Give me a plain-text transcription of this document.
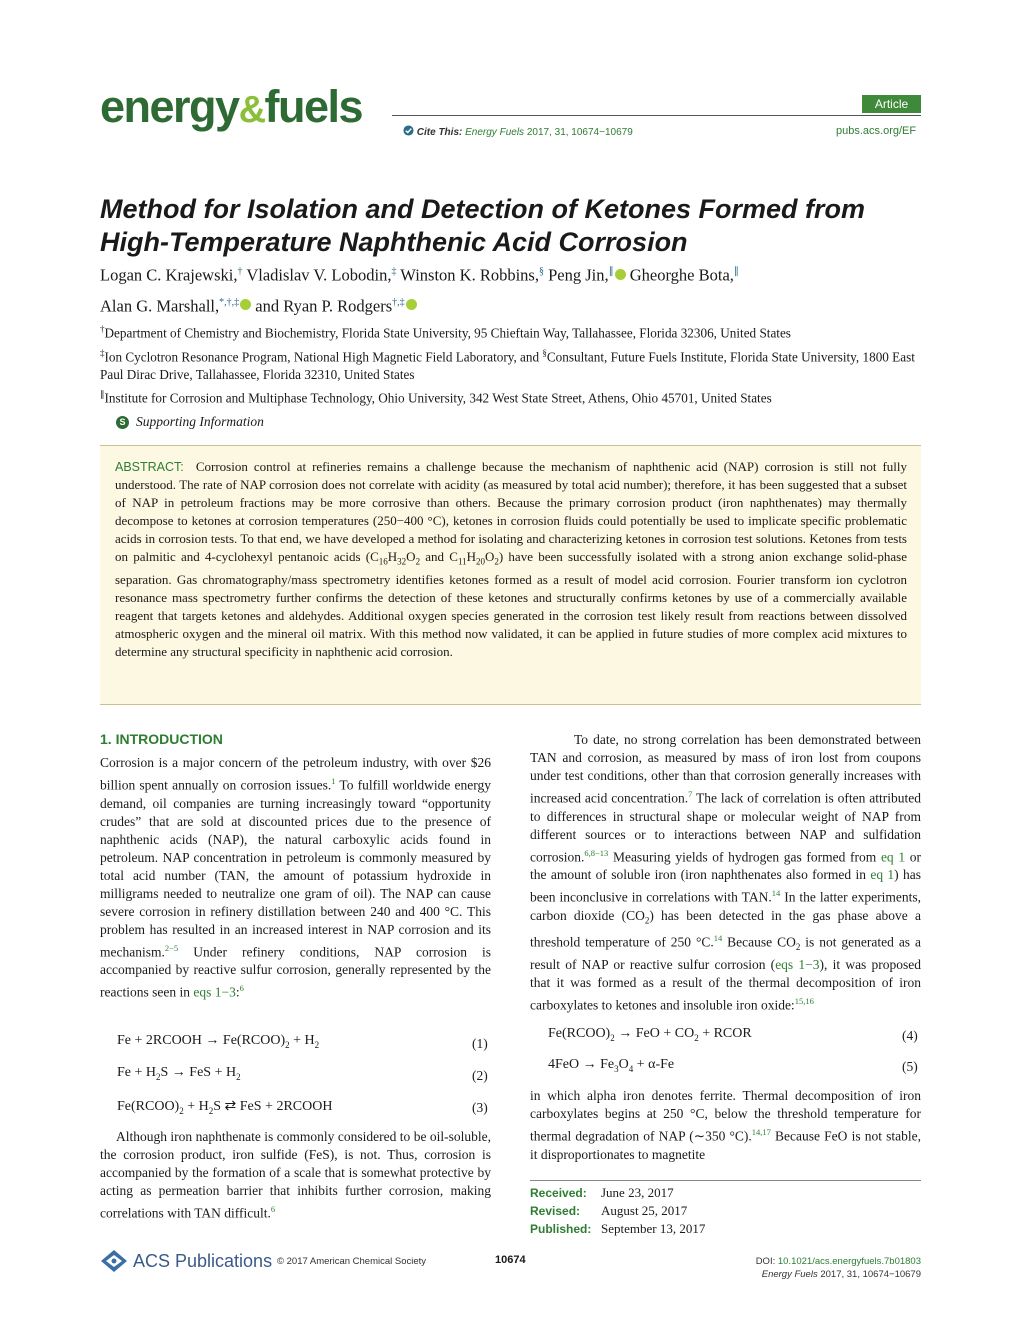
energy&fuels	Article
Cite This: Energy Fuels 2017, 31, 10674−10679	pubs.acs.org/EF
Method for Isolation and Detection of Ketones Formed from High-Temperature Naphthenic Acid Corrosion
Logan C. Krajewski,† Vladislav V. Lobodin,‡ Winston K. Robbins,§ Peng Jin,∥ Gheorghe Bota,∥
Alan G. Marshall,*,†,‡ and Ryan P. Rodgers†,‡
†Department of Chemistry and Biochemistry, Florida State University, 95 Chieftain Way, Tallahassee, Florida 32306, United States
‡Ion Cyclotron Resonance Program, National High Magnetic Field Laboratory, and §Consultant, Future Fuels Institute, Florida State University, 1800 East Paul Dirac Drive, Tallahassee, Florida 32310, United States
∥Institute for Corrosion and Multiphase Technology, Ohio University, 342 West State Street, Athens, Ohio 45701, United States
S Supporting Information
ABSTRACT: Corrosion control at refineries remains a challenge because the mechanism of naphthenic acid (NAP) corrosion is still not fully understood. The rate of NAP corrosion does not correlate with acidity (as measured by total acid number); therefore, it has been suggested that a subset of NAP in petroleum fractions may be more corrosive than others. Because the primary corrosion product (iron naphthenates) may thermally decompose to ketones at corrosion temperatures (250−400 °C), ketones in corrosion fluids could potentially be used to implicate specific problematic acids in corrosion tests. To that end, we have developed a method for isolating and characterizing ketones in corrosion test solutions. Ketones from tests on palmitic and 4-cyclohexyl pentanoic acids ($C_{16}H_{32}O_2$ and $C_{11}H_{20}O_2$) have been successfully isolated with a strong anion exchange solid-phase separation. Gas chromatography/mass spectrometry identifies ketones formed as a result of model acid corrosion. Fourier transform ion cyclotron resonance mass spectrometry further confirms the detection of these ketones and structurally confirms ketones by use of a commercially available reagent that targets ketones and aldehydes. Additional oxygen species generated in the corrosion test likely result from reactions between dissolved atmospheric oxygen and the mineral oil matrix. With this method now validated, it can be applied in future studies of more complex acid mixtures to determine any structural specificity in naphthenic acid corrosion.
1. INTRODUCTION
Corrosion is a major concern of the petroleum industry, with over $26 billion spent annually on corrosion issues.$^1$ To fulfill worldwide energy demand, oil companies are turning increasingly toward “opportunity crudes” that are sold at discounted prices due to the presence of naphthenic acids (NAP), the natural carboxylic acids found in petroleum. NAP concentration in petroleum is commonly measured by total acid number (TAN, the amount of potassium hydroxide in milligrams needed to neutralize one gram of oil). The NAP can cause severe corrosion in refinery distillation between 240 and 400 °C. This problem has resulted in an increased interest in NAP corrosion and its mechanism.$^{2-5}$ Under refinery conditions, NAP corrosion is accompanied by reactive sulfur corrosion, generally represented by the reactions seen in eqs 1−3:$^6$
Fe + 2RCOOH → $Fe(RCOO)_2 + H_2$	(1)
$Fe + H_2S$ → FeS + $H_2$	(2)
$Fe(RCOO)_2 + H_2S$ ⇄ FeS + 2RCOOH	(3)
Although iron naphthenate is commonly considered to be oil-soluble, the corrosion product, iron sulfide (FeS), is not. Thus, corrosion is accompanied by the formation of a scale that is somewhat protective by acting as permeation barrier that inhibits further corrosion, making correlations with TAN difficult.$^6$
To date, no strong correlation has been demonstrated between TAN and corrosion, as measured by mass of iron lost from coupons under test conditions, other than that corrosion generally increases with increased acid concentration.$^7$ The lack of correlation is often attributed to differences in structural shape or molecular weight of NAP from different sources or to interactions between NAP and sulfidation corrosion.$^{6,8-13}$ Measuring yields of hydrogen gas formed from eq 1 or the amount of soluble iron (iron naphthenates also formed in eq 1) has been inconclusive in correlations with TAN.$^{14}$ In the latter experiments, carbon dioxide $(CO_2)$ has been detected in the gas phase above a threshold temperature of 250 °C.$^{14}$ Because $CO_2$ is not generated as a result of NAP or reactive sulfur corrosion (eqs 1−3), it was proposed that it was formed as a result of the thermal decomposition of iron carboxylates to ketones and insoluble iron oxide:$^{15,16}$
$Fe(RCOO)_2$ → FeO + $CO_2$ + RCOR	(4)
$4FeO \to Fe_3O_4 + \alpha-Fe$	(5)
in which alpha iron denotes ferrite. Thermal decomposition of iron carboxylates begins at 250 °C, below the threshold temperature for thermal degradation of NAP (∼350 °C).$^{14,17}$ Because FeO is not stable, it disproportionates to magnetite
Received: June 23, 2017
Revised: August 25, 2017
Published: September 13, 2017
ACS Publications © 2017 American Chemical Society	10674	DOI: 10.1021/acs.energyfuels.7b01803
Energy Fuels 2017, 31, 10674−10679
